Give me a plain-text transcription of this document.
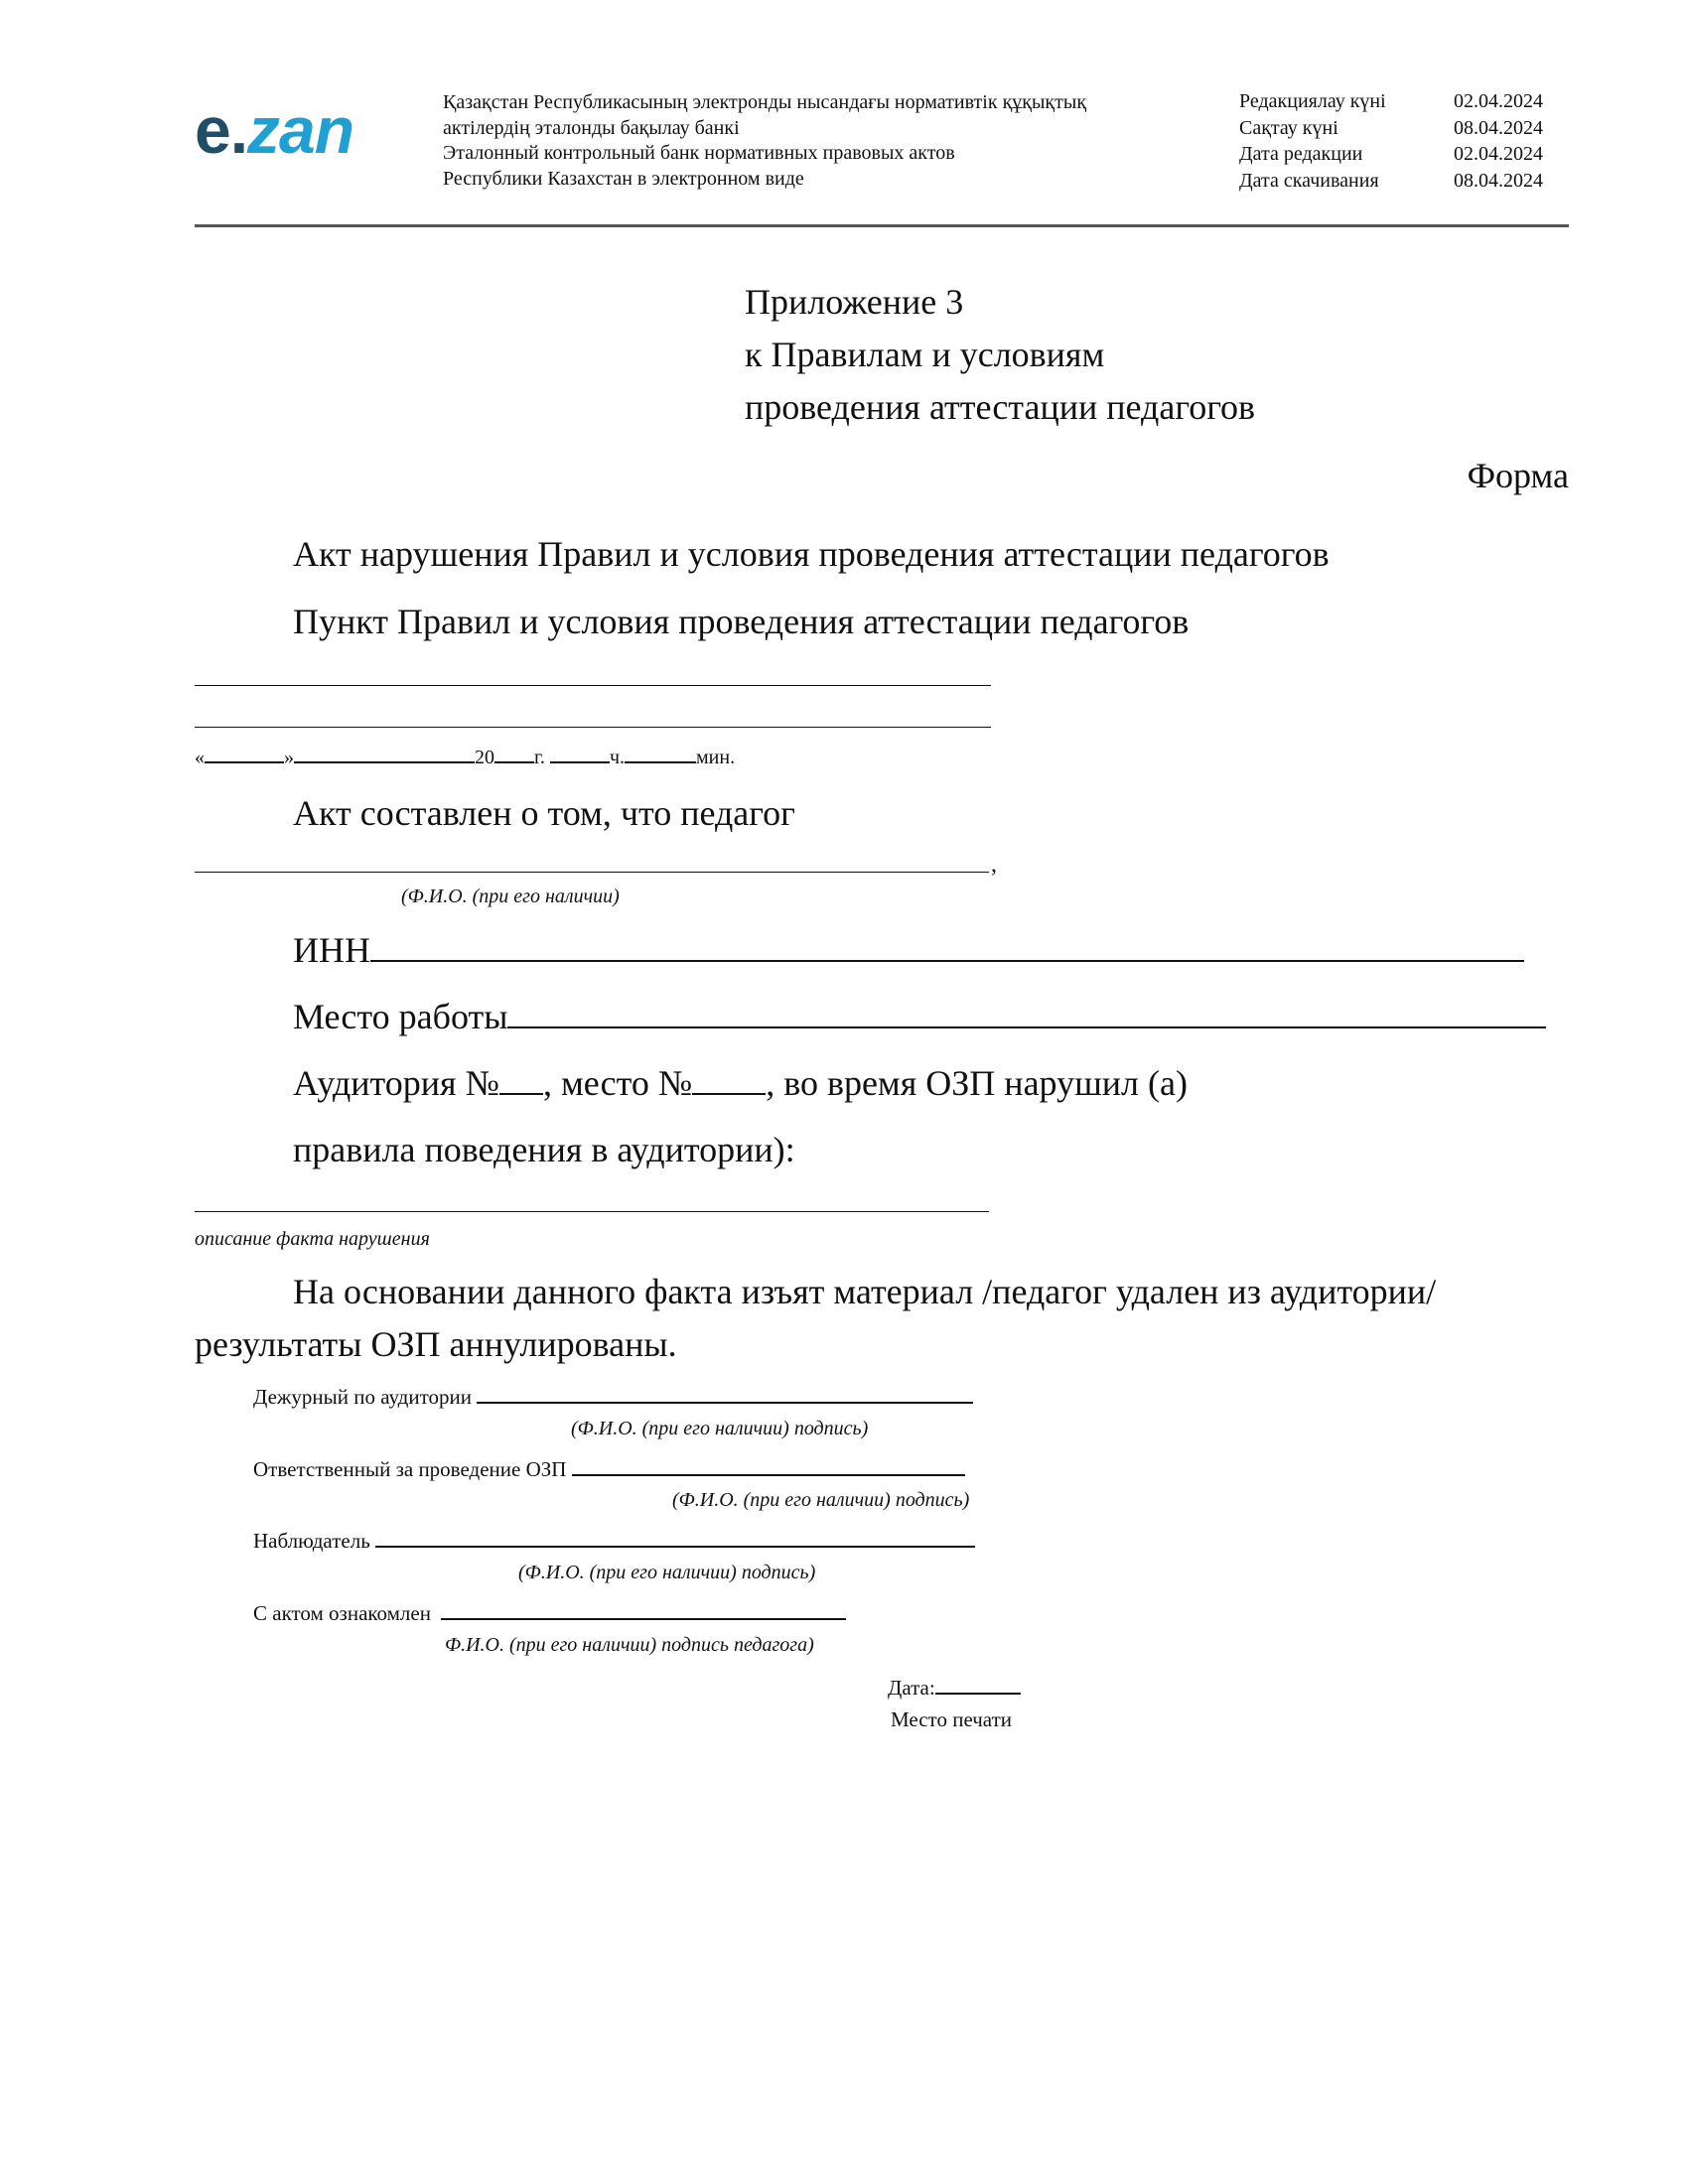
e.zan	Қазақстан Республикасының электронды нысандағы нормативтік құқықтық
актілердің эталонды бақылау банкі
Эталонный контрольный банк нормативных правовых актов
Республики Казахстан в электронном виде
Редакциялау күні	02.04.2024
Сақтау күні	08.04.2024
Дата редакции	02.04.2024
Дата скачивания	08.04.2024
Приложение 3
к Правилам и условиям
проведения аттестации педагогов
Форма
Акт нарушения Правил и условия проведения аттестации педагогов
Пункт Правил и условия проведения аттестации педагогов
«	»	20 г.	ч.	мин.
Акт составлен о том, что педагог
,
(Ф.И.О. (при его наличии)
ИНН
Место работы
Аудитория № , место № , во время ОЗП нарушил (а)
правила поведения в аудитории):
описание факта нарушения
На основании данного факта изъят материал /педагог удален из аудитории/
результаты ОЗП аннулированы.
Дежурный по аудитории
(Ф.И.О. (при его наличии) подпись)
Ответственный за проведение ОЗП
(Ф.И.О. (при его наличии) подпись)
Наблюдатель
(Ф.И.О. (при его наличии) подпись)
С актом ознакомлен
Ф.И.О. (при его наличии) подпись педагога)
Дата:
Место печати
